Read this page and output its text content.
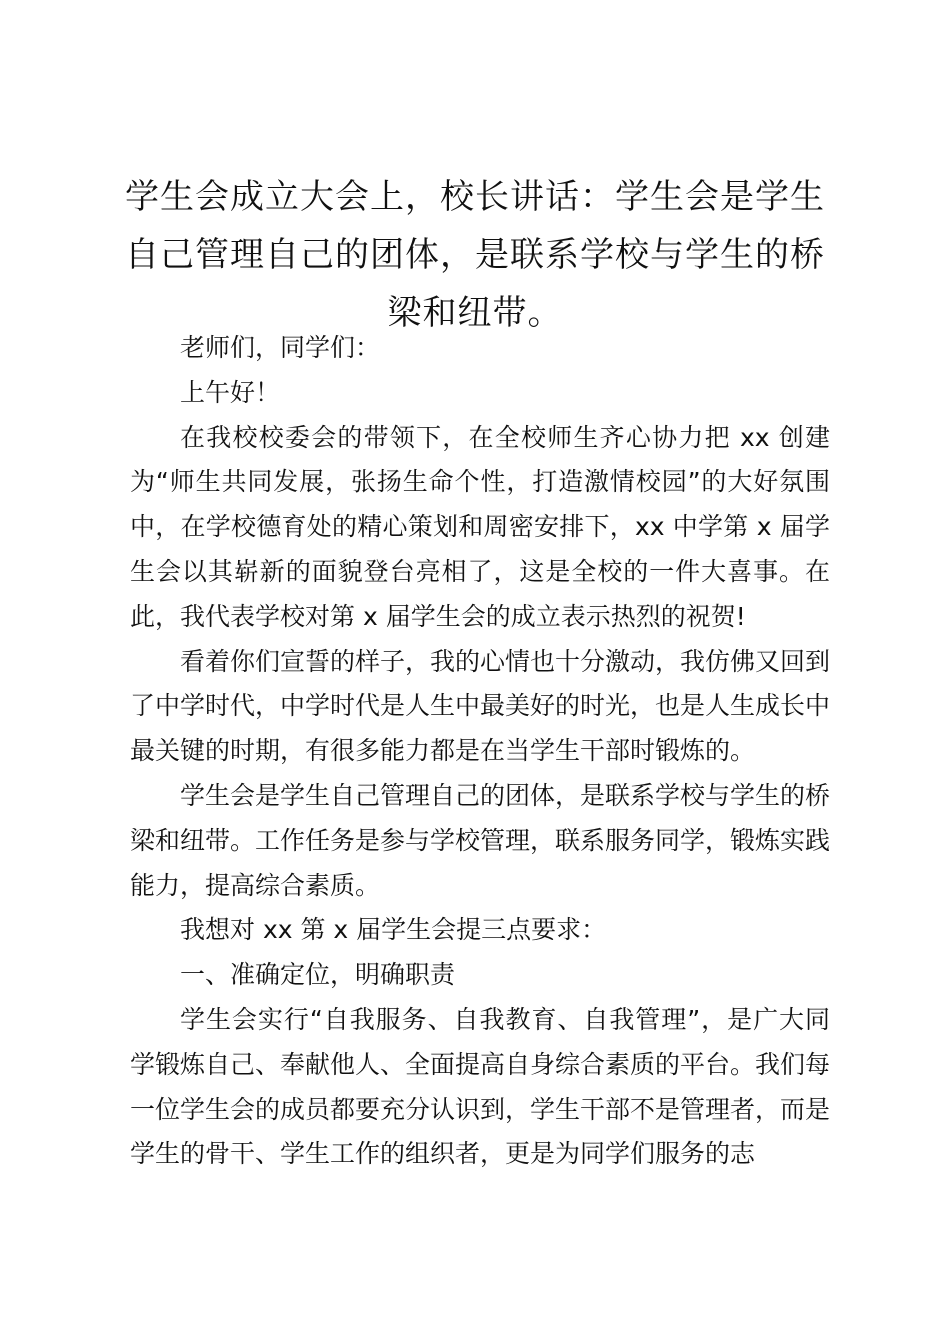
学生会成立大会上，校长讲话：学生会是学生自己管理自己的团体，是联系学校与学生的桥梁和纽带。

老师们，同学们：

上午好！

在我校校委会的带领下，在全校师生齐心协力把 xx 创建为“师生共同发展，张扬生命个性，打造激情校园”的大好氛围中，在学校德育处的精心策划和周密安排下，xx 中学第 x 届学生会以其崭新的面貌登台亮相了，这是全校的一件大喜事。在此，我代表学校对第 x 届学生会的成立表示热烈的祝贺!

看着你们宣誓的样子，我的心情也十分激动，我仿佛又回到了中学时代，中学时代是人生中最美好的时光，也是人生成长中最关键的时期，有很多能力都是在当学生干部时锻炼的。

学生会是学生自己管理自己的团体，是联系学校与学生的桥梁和纽带。工作任务是参与学校管理，联系服务同学，锻炼实践能力，提高综合素质。

我想对 xx 第 x 届学生会提三点要求：

一、准确定位，明确职责

学生会实行“自我服务、自我教育、自我管理”，是广大同学锻炼自己、奉献他人、全面提高自身综合素质的平台。我们每一位学生会的成员都要充分认识到，学生干部不是管理者，而是学生的骨干、学生工作的组织者，更是为同学们服务的志
